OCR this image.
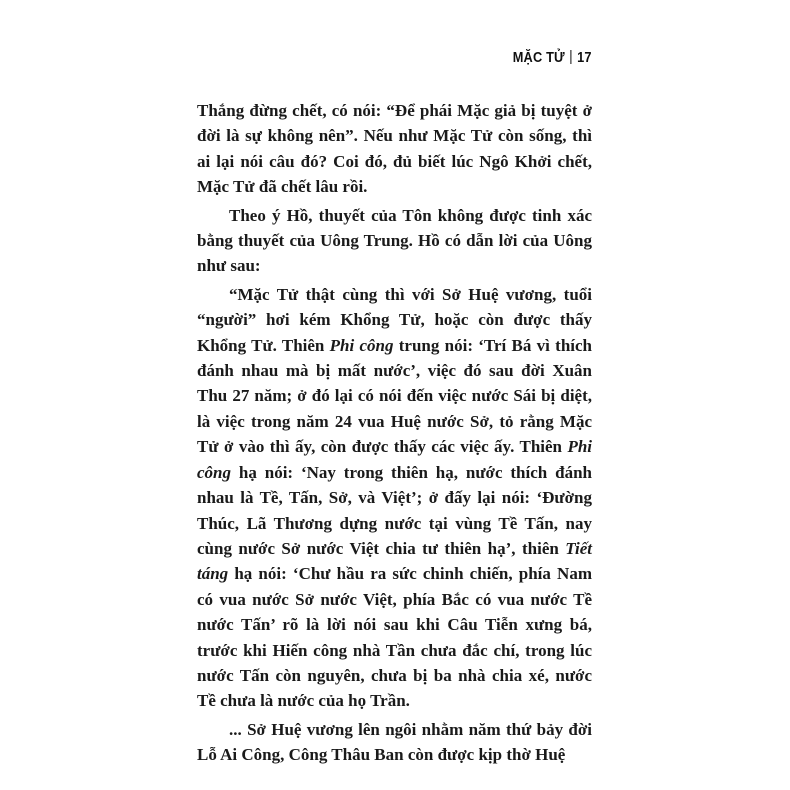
MẶC TỬ | 17

Thắng đừng chết, có nói: “Để phái Mặc giả bị tuyệt ở đời là sự không nên”. Nếu như Mặc Tử còn sống, thì ai lại nói câu đó? Coi đó, đủ biết lúc Ngô Khởi chết, Mặc Tử đã chết lâu rồi.

Theo ý Hồ, thuyết của Tôn không được tinh xác bằng thuyết của Uông Trung. Hồ có dẫn lời của Uông như sau:

“Mặc Tử thật cùng thì với Sở Huệ vương, tuổi “người” hơi kém Khổng Tử, hoặc còn được thấy Khổng Tử. Thiên Phi công trung nói: ‘Trí Bá vì thích đánh nhau mà bị mất nước’, việc đó sau đời Xuân Thu 27 năm; ở đó lại có nói đến việc nước Sái bị diệt, là việc trong năm 24 vua Huệ nước Sở, tỏ rằng Mặc Tử ở vào thì ấy, còn được thấy các việc ấy. Thiên Phi công hạ nói: ‘Nay trong thiên hạ, nước thích đánh nhau là Tề, Tấn, Sở, và Việt’; ở đấy lại nói: ‘Đường Thúc, Lã Thương dựng nước tại vùng Tề Tấn, nay cùng nước Sở nước Việt chia tư thiên hạ’, thiên Tiết táng hạ nói: ‘Chư hầu ra sức chinh chiến, phía Nam có vua nước Sở nước Việt, phía Bắc có vua nước Tề nước Tấn’ rõ là lời nói sau khi Câu Tiễn xưng bá, trước khi Hiến công nhà Tần chưa đắc chí, trong lúc nước Tấn còn nguyên, chưa bị ba nhà chia xé, nước Tề chưa là nước của họ Trần.

... Sở Huệ vương lên ngôi nhằm năm thứ bảy đời Lỗ Ai Công, Công Thâu Ban còn được kịp thờ Huệ
